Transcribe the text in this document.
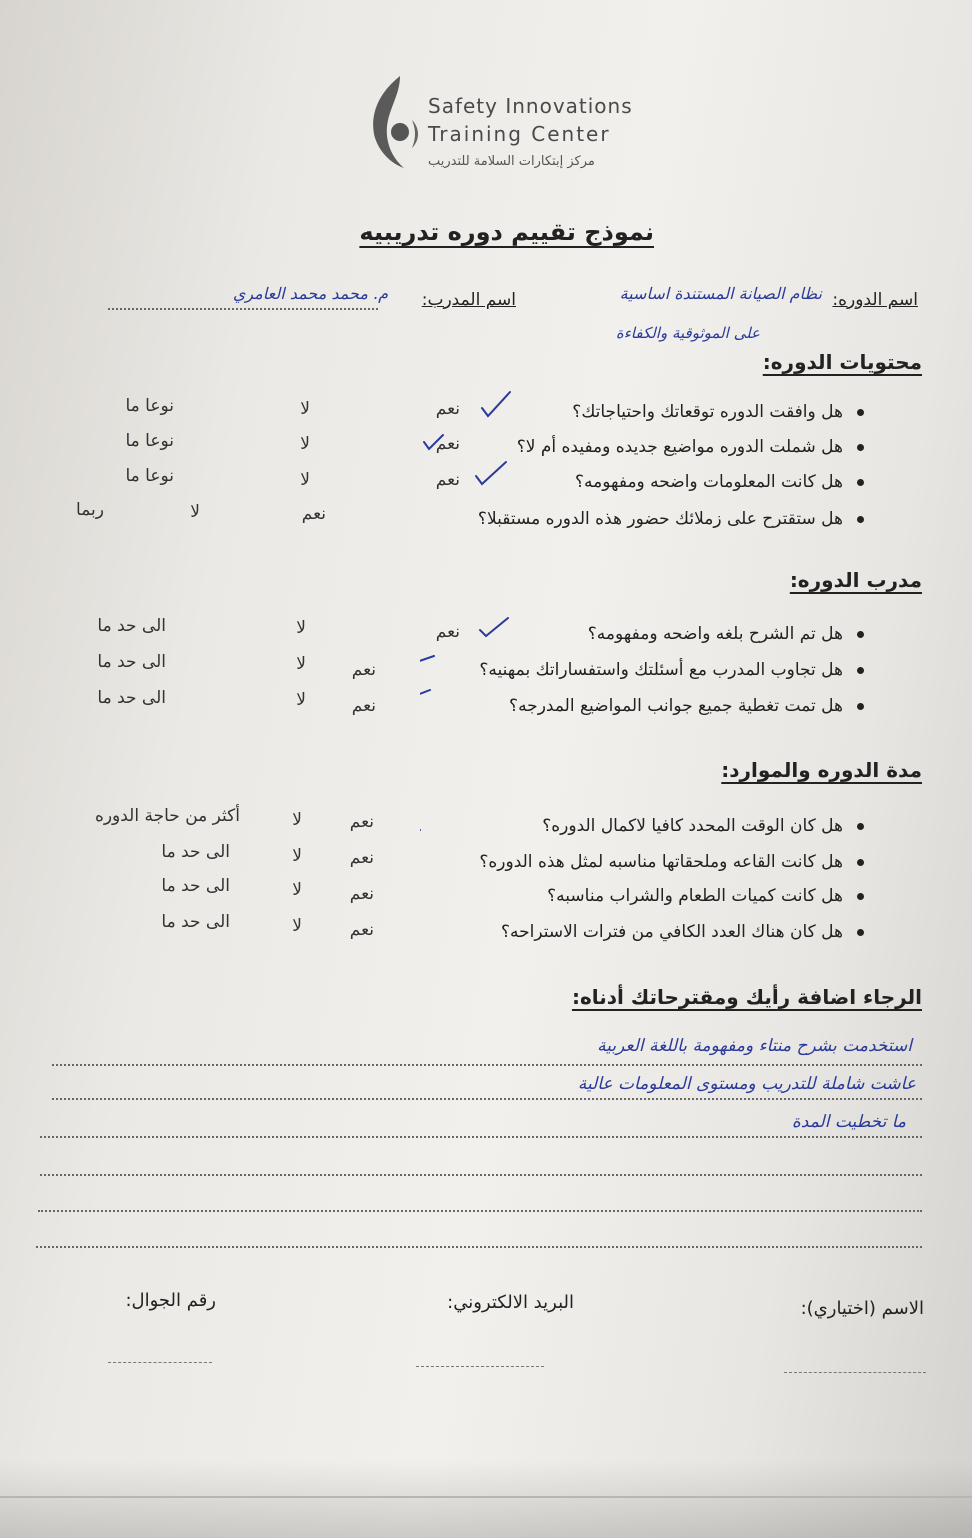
Safety Innovations
Training Center
مركز إبتكارات السلامة للتدريب
نموذج تقييم دوره تدريبيه
اسم الدوره:
نظام الصيانة المستندة اساسية
على الموثوقية والكفاءة
اسم المدرب:
م. محمد محمد العامري
محتويات الدوره:
مدرب الدوره:
مدة الدوره والموارد:
الرجاء اضافة رأيك ومقترحاتك أدناه:
هل وافقت الدوره توقعاتك واحتياجاتك؟
نعم
لا
نوعا ما
هل شملت الدوره مواضيع جديده ومفيده أم لا؟
نعم
لا
نوعا ما
هل كانت المعلومات واضحه ومفهومه؟
نعم
لا
نوعا ما
هل ستقترح على زملائك حضور هذه الدوره مستقبلا؟
نعم
لا
ربما
هل تم الشرح بلغه واضحه ومفهومه؟
نعم
لا
الى حد ما
هل تجاوب المدرب مع أسئلتك واستفساراتك بمهنيه؟
نعم
لا
الى حد ما
هل تمت تغطية جميع جوانب المواضيع المدرجه؟
نعم
لا
الى حد ما
هل كان الوقت المحدد كافيا لاكمال الدوره؟
نعم
لا
أكثر من حاجة الدوره
هل كانت القاعه وملحقاتها مناسبه لمثل هذه الدوره؟
نعم
لا
الى حد ما
هل كانت كميات الطعام والشراب مناسبه؟
نعم
لا
الى حد ما
هل كان هناك العدد الكافي من فترات الاستراحه؟
نعم
لا
الى حد ما
استخدمت بشرح منتاء ومفهومة باللغة العربية
عاشت شاملة للتدريب ومستوى المعلومات عالية
ما تخطيت المدة
الاسم (اختياري):
البريد الالكتروني:
رقم الجوال:
